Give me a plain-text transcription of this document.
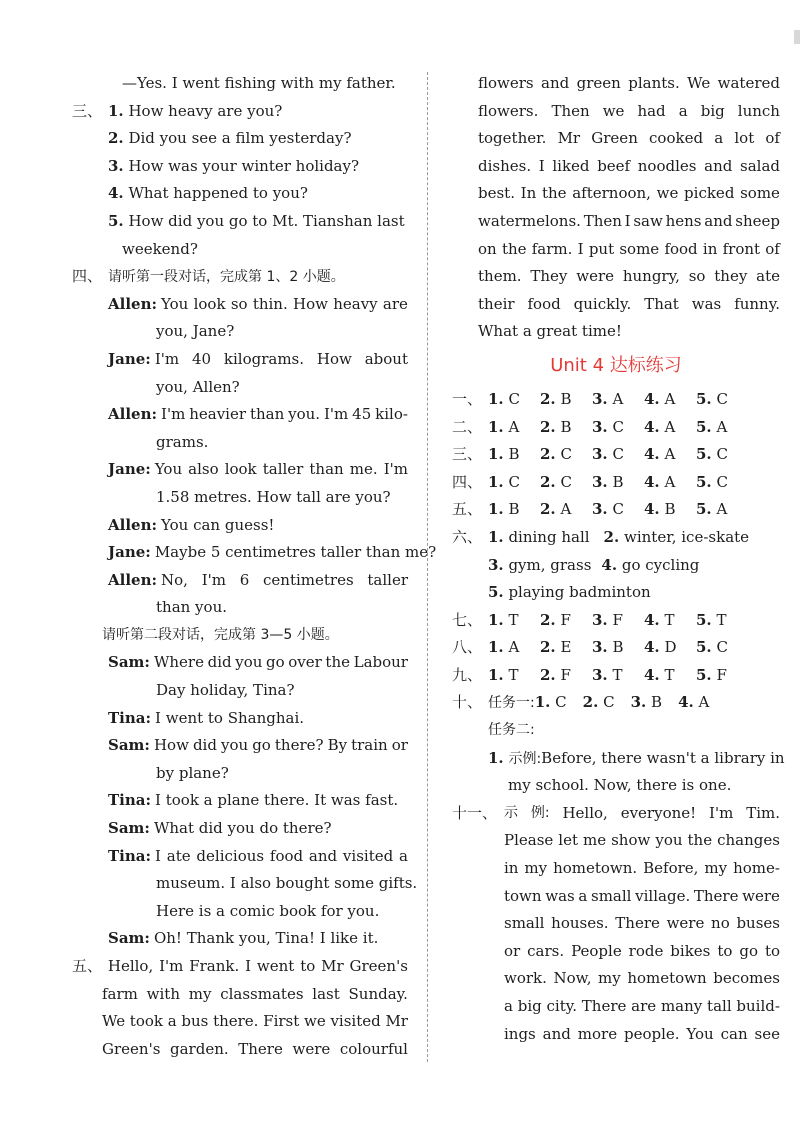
—Yes. I went fishing with my father.
三、 1. How heavy are you?
2. Did you see a film yesterday?
3. How was your winter holiday?
4. What happened to you?
5. How did you go to Mt. Tianshan last
weekend?
四、 请听第一段对话，完成第 1、2 小题。
Allen: You look so thin. How heavy are
you, Jane?
Jane: I'm 40 kilograms. How about
you, Allen?
Allen: I'm heavier than you. I'm 45 kilo-
grams.
Jane: You also look taller than me. I'm
1.58 metres. How tall are you?
Allen: You can guess!
Jane: Maybe 5 centimetres taller than me?
Allen: No, I'm 6 centimetres taller
than you.
请听第二段对话，完成第 3—5 小题。
Sam: Where did you go over the Labour
Day holiday, Tina?
Tina: I went to Shanghai.
Sam: How did you go there? By train or
by plane?
Tina: I took a plane there. It was fast.
Sam: What did you do there?
Tina: I ate delicious food and visited a
museum. I also bought some gifts.
Here is a comic book for you.
Sam: Oh! Thank you, Tina! I like it.
五、 Hello, I'm Frank. I went to Mr Green's
farm with my classmates last Sunday.
We took a bus there. First we visited Mr
Green's garden. There were colourful
flowers and green plants. We watered
flowers. Then we had a big lunch
together. Mr Green cooked a lot of
dishes. I liked beef noodles and salad
best. In the afternoon, we picked some
watermelons. Then I saw hens and sheep
on the farm. I put some food in front of
them. They were hungry, so they ate
their food quickly. That was funny.
What a great time!
Unit 4 达标练习
一、 1. C 2. B 3. A 4. A 5. C
二、 1. A 2. B 3. C 4. A 5. A
三、 1. B 2. C 3. C 4. A 5. C
四、 1. C 2. C 3. B 4. A 5. C
五、 1. B 2. A 3. C 4. B 5. A
六、 1. dining hall 2. winter, ice-skate
3. gym, grass 4. go cycling
5. playing badminton
七、 1. T 2. F 3. F 4. T 5. T
八、 1. A 2. E 3. B 4. D 5. C
九、 1. T 2. F 3. T 4. T 5. F
十、 任务一:1. C 2. C 3. B 4. A
任务二:
1. 示例:Before, there wasn't a library in
my school. Now, there is one.
十一、 示 例: Hello, everyone! I'm Tim.
Please let me show you the changes
in my hometown. Before, my home-
town was a small village. There were
small houses. There were no buses
or cars. People rode bikes to go to
work. Now, my hometown becomes
a big city. There are many tall build-
ings and more people. You can see
